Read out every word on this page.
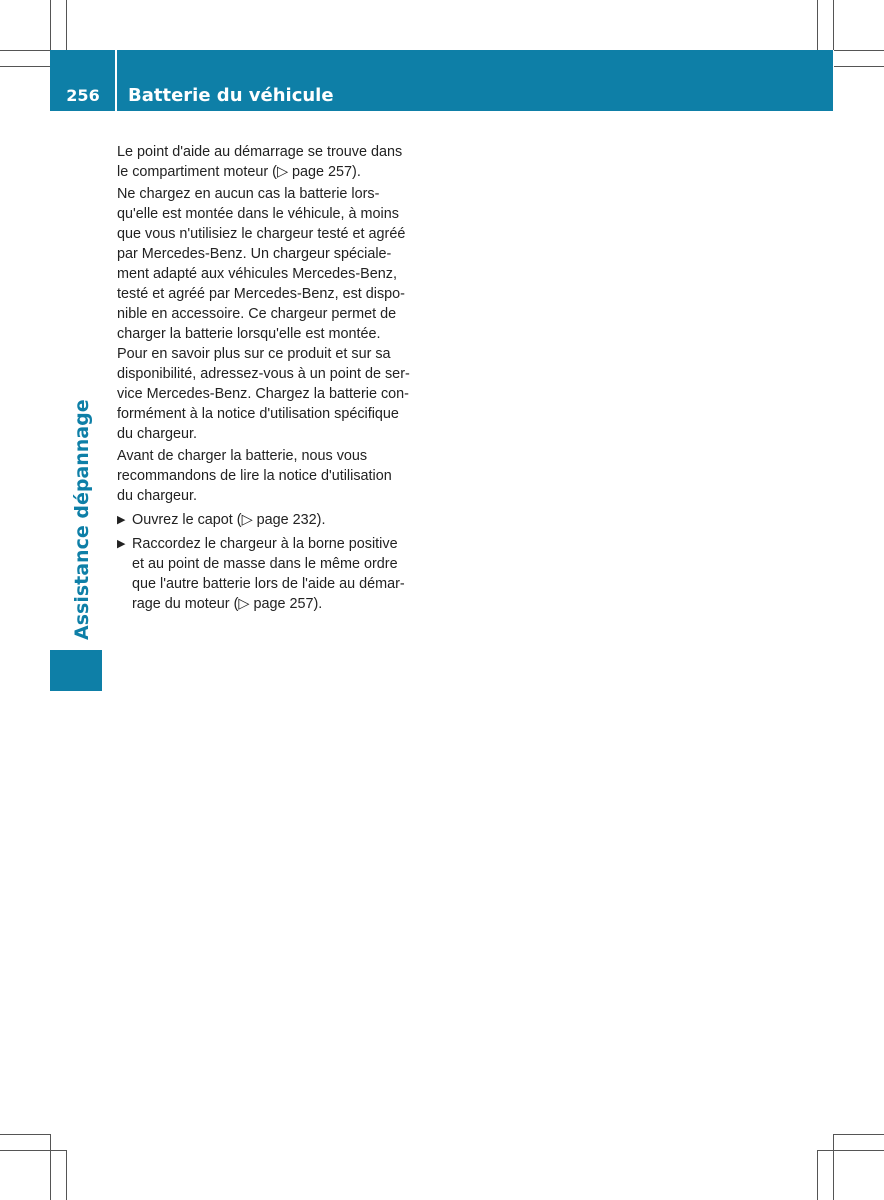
256	Batterie du véhicule
Assistance dépannage

Le point d'aide au démarrage se trouve dans
le compartiment moteur (▷ page 257).

Ne chargez en aucun cas la batterie lors-
qu'elle est montée dans le véhicule, à moins
que vous n'utilisiez le chargeur testé et agréé
par Mercedes-Benz. Un chargeur spéciale-
ment adapté aux véhicules Mercedes-Benz,
testé et agréé par Mercedes-Benz, est dispo-
nible en accessoire. Ce chargeur permet de
charger la batterie lorsqu'elle est montée.
Pour en savoir plus sur ce produit et sur sa
disponibilité, adressez-vous à un point de ser-
vice Mercedes-Benz. Chargez la batterie con-
formément à la notice d'utilisation spécifique
du chargeur.

Avant de charger la batterie, nous vous
recommandons de lire la notice d'utilisation
du chargeur.

▶ Ouvrez le capot (▷ page 232).
▶ Raccordez le chargeur à la borne positive
et au point de masse dans le même ordre
que l'autre batterie lors de l'aide au démar-
rage du moteur (▷ page 257).
